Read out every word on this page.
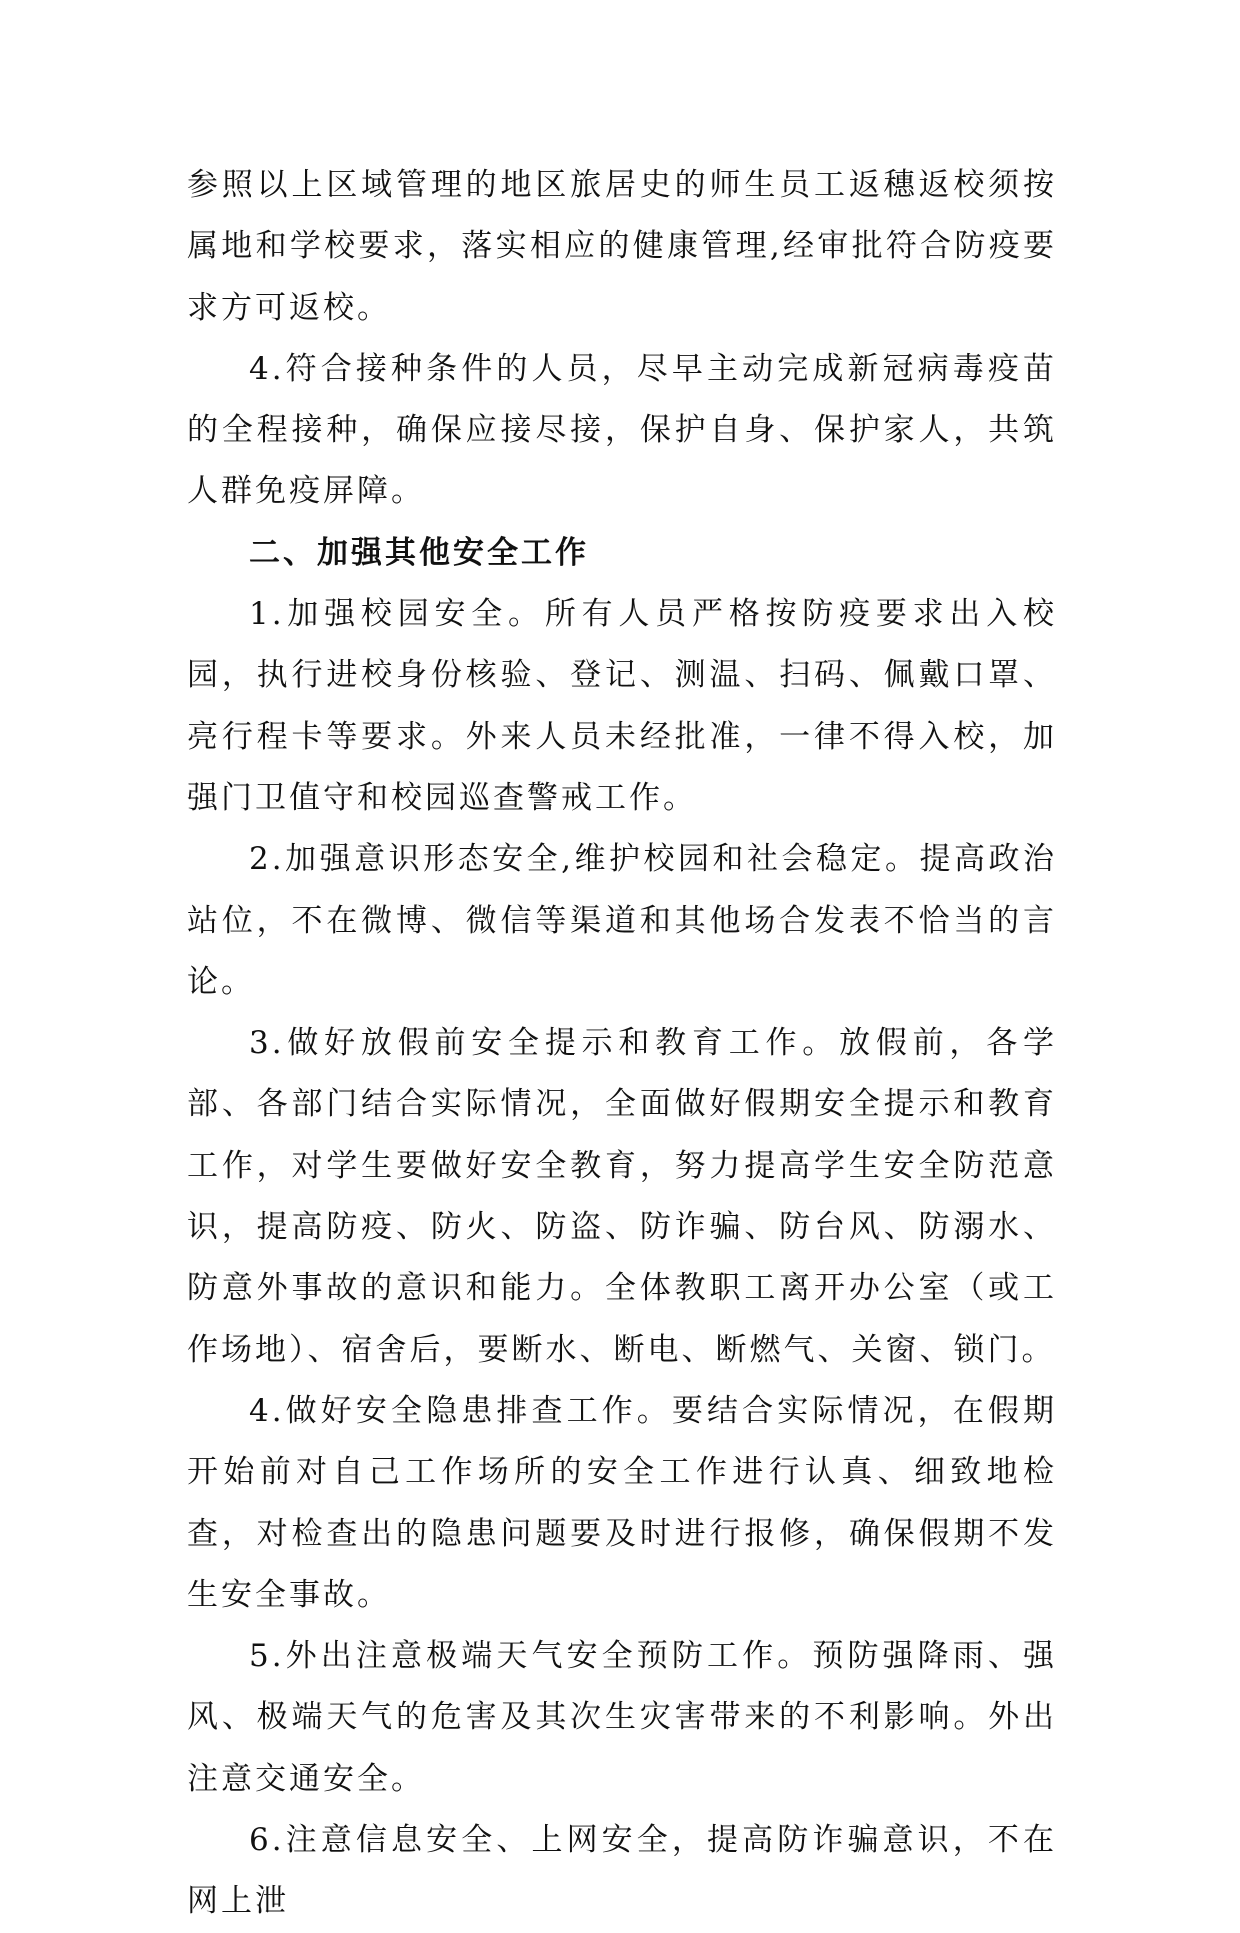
参照以上区域管理的地区旅居史的师生员工返穗返校须按属地和学校要求，落实相应的健康管理,经审批符合防疫要求方可返校。

4.符合接种条件的人员，尽早主动完成新冠病毒疫苗的全程接种，确保应接尽接，保护自身、保护家人，共筑人群免疫屏障。

二、加强其他安全工作

1.加强校园安全。所有人员严格按防疫要求出入校园，执行进校身份核验、登记、测温、扫码、佩戴口罩、亮行程卡等要求。外来人员未经批准，一律不得入校，加强门卫值守和校园巡查警戒工作。

2.加强意识形态安全,维护校园和社会稳定。提高政治站位，不在微博、微信等渠道和其他场合发表不恰当的言论。

3.做好放假前安全提示和教育工作。放假前，各学部、各部门结合实际情况，全面做好假期安全提示和教育工作，对学生要做好安全教育，努力提高学生安全防范意识，提高防疫、防火、防盗、防诈骗、防台风、防溺水、防意外事故的意识和能力。全体教职工离开办公室（或工作场地）、宿舍后，要断水、断电、断燃气、关窗、锁门。

4.做好安全隐患排查工作。要结合实际情况，在假期开始前对自己工作场所的安全工作进行认真、细致地检查，对检查出的隐患问题要及时进行报修，确保假期不发生安全事故。

5.外出注意极端天气安全预防工作。预防强降雨、强风、极端天气的危害及其次生灾害带来的不利影响。外出注意交通安全。

6.注意信息安全、上网安全，提高防诈骗意识，不在网上泄
